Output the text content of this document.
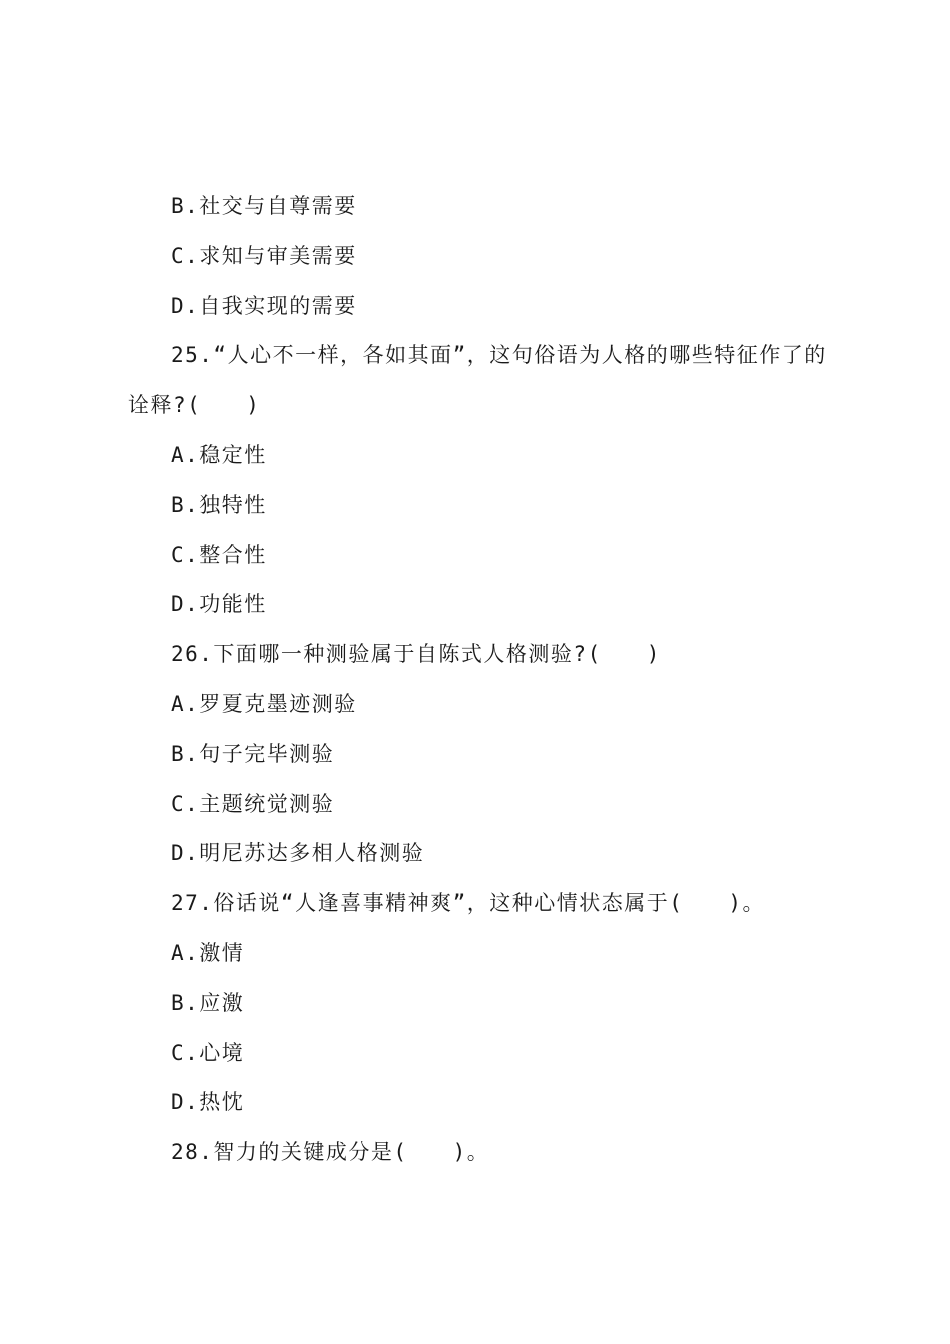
B.社交与自尊需要
C.求知与审美需要
D.自我实现的需要
25.“人心不一样，各如其面”，这句俗语为人格的哪些特征作了的诠释?(　　)
A.稳定性
B.独特性
C.整合性
D.功能性
26.下面哪一种测验属于自陈式人格测验?(　　)
A.罗夏克墨迹测验
B.句子完毕测验
C.主题统觉测验
D.明尼苏达多相人格测验
27.俗话说“人逢喜事精神爽”，这种心情状态属于(　　)。
A.激情
B.应激
C.心境
D.热忱
28.智力的关键成分是(　　)。
